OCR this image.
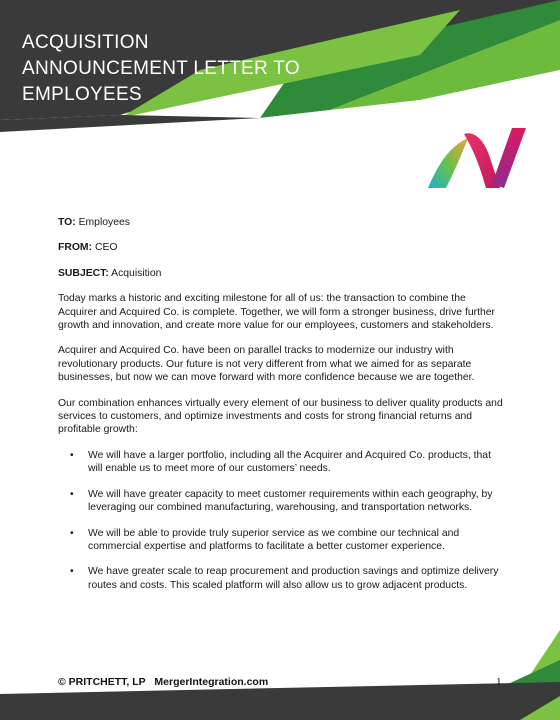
ACQUISITION
ANNOUNCEMENT LETTER TO
EMPLOYEES
TO: Employees
FROM: CEO
SUBJECT: Acquisition

Today marks a historic and exciting milestone for all of us: the transaction to combine the Acquirer and Acquired Co. is complete. Together, we will form a stronger business, drive further growth and innovation, and create more value for our employees, customers and stakeholders.

Acquirer and Acquired Co. have been on parallel tracks to modernize our industry with revolutionary products. Our future is not very different from what we aimed for as separate businesses, but now we can move forward with more confidence because we are together.

Our combination enhances virtually every element of our business to deliver quality products and services to customers, and optimize investments and costs for strong financial returns and profitable growth:

• We will have a larger portfolio, including all the Acquirer and Acquired Co. products, that will enable us to meet more of our customers’ needs.
• We will have greater capacity to meet customer requirements within each geography, by leveraging our combined manufacturing, warehousing, and transportation networks.
• We will be able to provide truly superior service as we combine our technical and commercial expertise and platforms to facilitate a better customer experience.
• We have greater scale to reap procurement and production savings and optimize delivery routes and costs. This scaled platform will also allow us to grow adjacent products.
© PRITCHETT, LP MergerIntegration.com	1
